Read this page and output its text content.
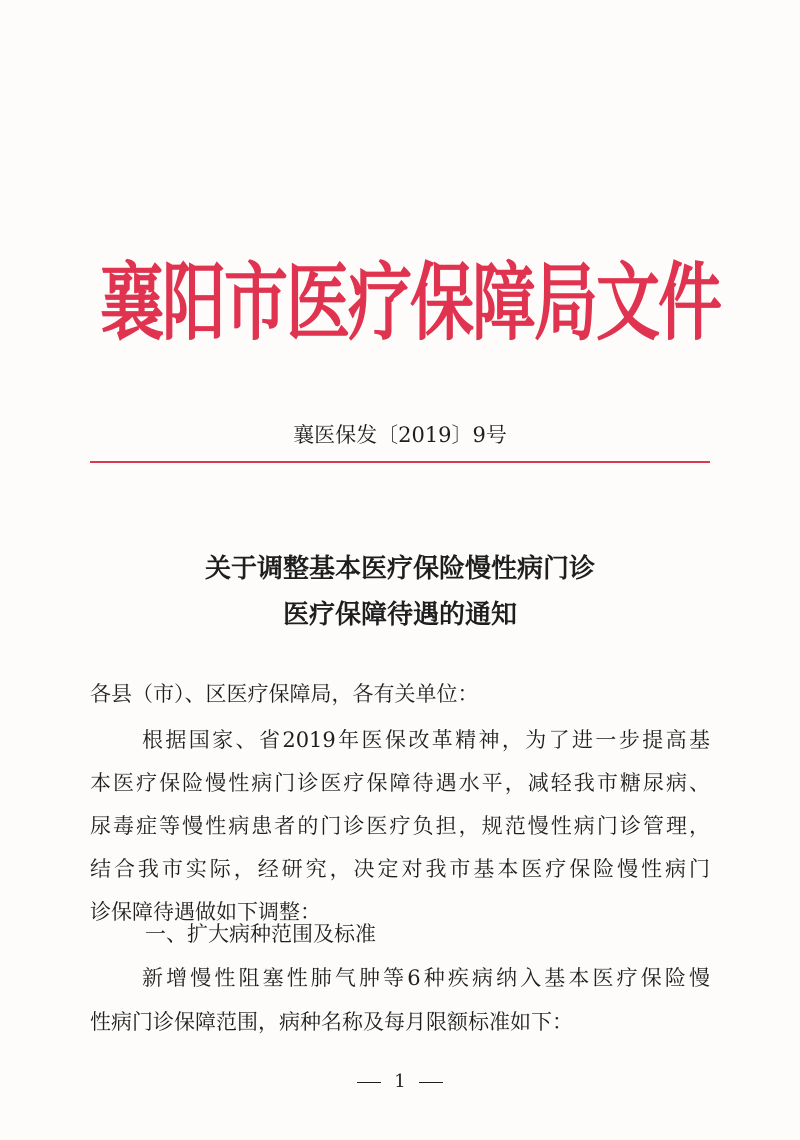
襄阳市医疗保障局文件
襄医保发〔2019〕9号
关于调整基本医疗保险慢性病门诊
医疗保障待遇的通知
各县（市）、区医疗保障局，各有关单位：
根据国家、省2019年医保改革精神，为了进一步提高基
本医疗保险慢性病门诊医疗保障待遇水平，减轻我市糖尿病、
尿毒症等慢性病患者的门诊医疗负担，规范慢性病门诊管理，
结合我市实际，经研究，决定对我市基本医疗保险慢性病门
诊保障待遇做如下调整：
一、扩大病种范围及标准
新增慢性阻塞性肺气肿等6种疾病纳入基本医疗保险慢
性病门诊保障范围，病种名称及每月限额标准如下：
1
